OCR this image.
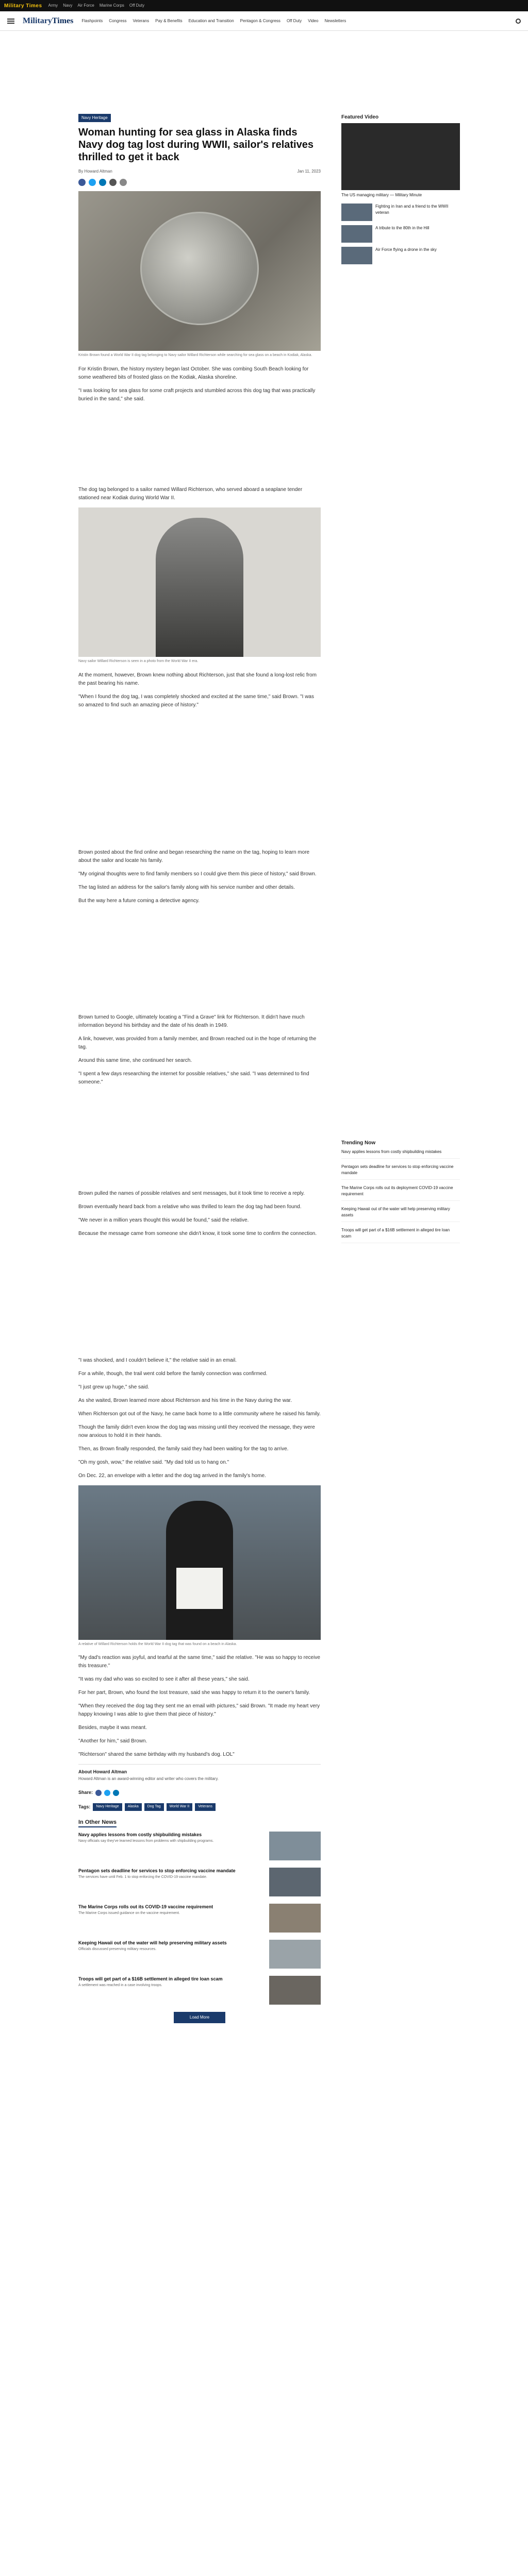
Military Times Army Navy Air Force Marine Corps Off Duty
MilitaryTimes Flashpoints Congress Veterans Pay & Benefits Education and Transition Pentagon & Congress Off Duty Video Newsletters
Navy Heritage
Woman hunting for sea glass in Alaska finds Navy dog tag lost during WWII, sailor's relatives thrilled to get it back
By Howard Altman	Jan 11, 2023
Kristin Brown found a World War II dog tag belonging to Navy sailor Willard Richterson while searching for sea glass on a beach in Kodiak, Alaska.

For Kristin Brown, the history mystery began last October. She was combing South Beach looking for some weathered bits of frosted glass on the Kodiak, Alaska shoreline.

"I was looking for sea glass for some craft projects and stumbled across this dog tag that was practically buried in the sand," she said.

The dog tag belonged to a sailor named Willard Richterson, who served aboard a seaplane tender stationed near Kodiak during World War II.

Navy sailor Willard Richterson is seen in a photo from the World War II era.

At the moment, however, Brown knew nothing about Richterson, just that she found a long-lost relic from the past bearing his name.

"When I found the dog tag, I was completely shocked and excited at the same time," said Brown. "I was so amazed to find such an amazing piece of history."

Brown posted about the find online and began researching the name on the tag, hoping to learn more about the sailor and locate his family.

"My original thoughts were to find family members so I could give them this piece of history," said Brown.

The tag listed an address for the sailor's family along with his service number and other details.

But the way here a future coming a detective agency.

Brown turned to Google, ultimately locating a "Find a Grave" link for Richterson. It didn't have much information beyond his birthday and the date of his death in 1949.

A link, however, was provided from a family member, and Brown reached out in the hope of returning the tag.

Around this same time, she continued her search.

"I spent a few days researching the internet for possible relatives," she said. "I was determined to find someone."

Brown pulled the names of possible relatives and sent messages, but it took time to receive a reply.

Brown eventually heard back from a relative who was thrilled to learn the dog tag had been found.

"We never in a million years thought this would be found," said the relative.

Because the message came from someone she didn't know, it took some time to confirm the connection.

"I was shocked, and I couldn't believe it," the relative said in an email.

For a while, though, the trail went cold before the family connection was confirmed.

"I just grew up huge," she said.

As she waited, Brown learned more about Richterson and his time in the Navy during the war.

When Richterson got out of the Navy, he came back home to a little community where he raised his family.

Though the family didn't even know the dog tag was missing until they received the message, they were now anxious to hold it in their hands.

Then, as Brown finally responded, the family said they had been waiting for the tag to arrive.

"Oh my gosh, wow," the relative said. "My dad told us to hang on."

On Dec. 22, an envelope with a letter and the dog tag arrived in the family's home.

A relative of Willard Richterson holds the World War II dog tag that was found on a beach in Alaska.

"My dad's reaction was joyful, and tearful at the same time," said the relative. "He was so happy to receive this treasure."

"It was my dad who was so excited to see it after all these years," she said.

For her part, Brown, who found the lost treasure, said she was happy to return it to the owner's family.

"When they received the dog tag they sent me an email with pictures," said Brown. "It made my heart very happy knowing I was able to give them that piece of history."

Besides, maybe it was meant.

"Another for him," said Brown.

"Richterson" shared the same birthday with my husband's dog. LOL"

About Howard Altman
Howard Altman is an award-winning editor and writer who covers the military.
Share:
Tags:	Navy Heritage	Alaska	Dog Tag	World War II	Veterans
In Other News
Navy applies lessons from costly shipbuilding mistakes
Navy officials say they've learned lessons from problems with shipbuilding programs.
Pentagon sets deadline for services to stop enforcing vaccine mandate
The services have until Feb. 1 to stop enforcing the COVID-19 vaccine mandate.
The Marine Corps rolls out its COVID-19 vaccine requirement
The Marine Corps issued guidance on the vaccine requirement.
Keeping Hawaii out of the water will help preserving military assets
Officials discussed preserving military resources.
Troops will get part of a $16B settlement in alleged tire loan scam
A settlement was reached in a case involving troops.
Load More
Featured Video
The US managing military — Military Minute
Fighting in Iran and a friend to the WWII veteran
A tribute to the 80th in the Hill
Air Force flying a drone in the sky
Trending Now
Navy applies lessons from costly shipbuilding mistakes
Pentagon sets deadline for services to stop enforcing vaccine mandate
The Marine Corps rolls out its deployment COVID-19 vaccine requirement
Keeping Hawaii out of the water will help preserving military assets
Troops will get part of a $16B settlement in alleged tire loan scam
